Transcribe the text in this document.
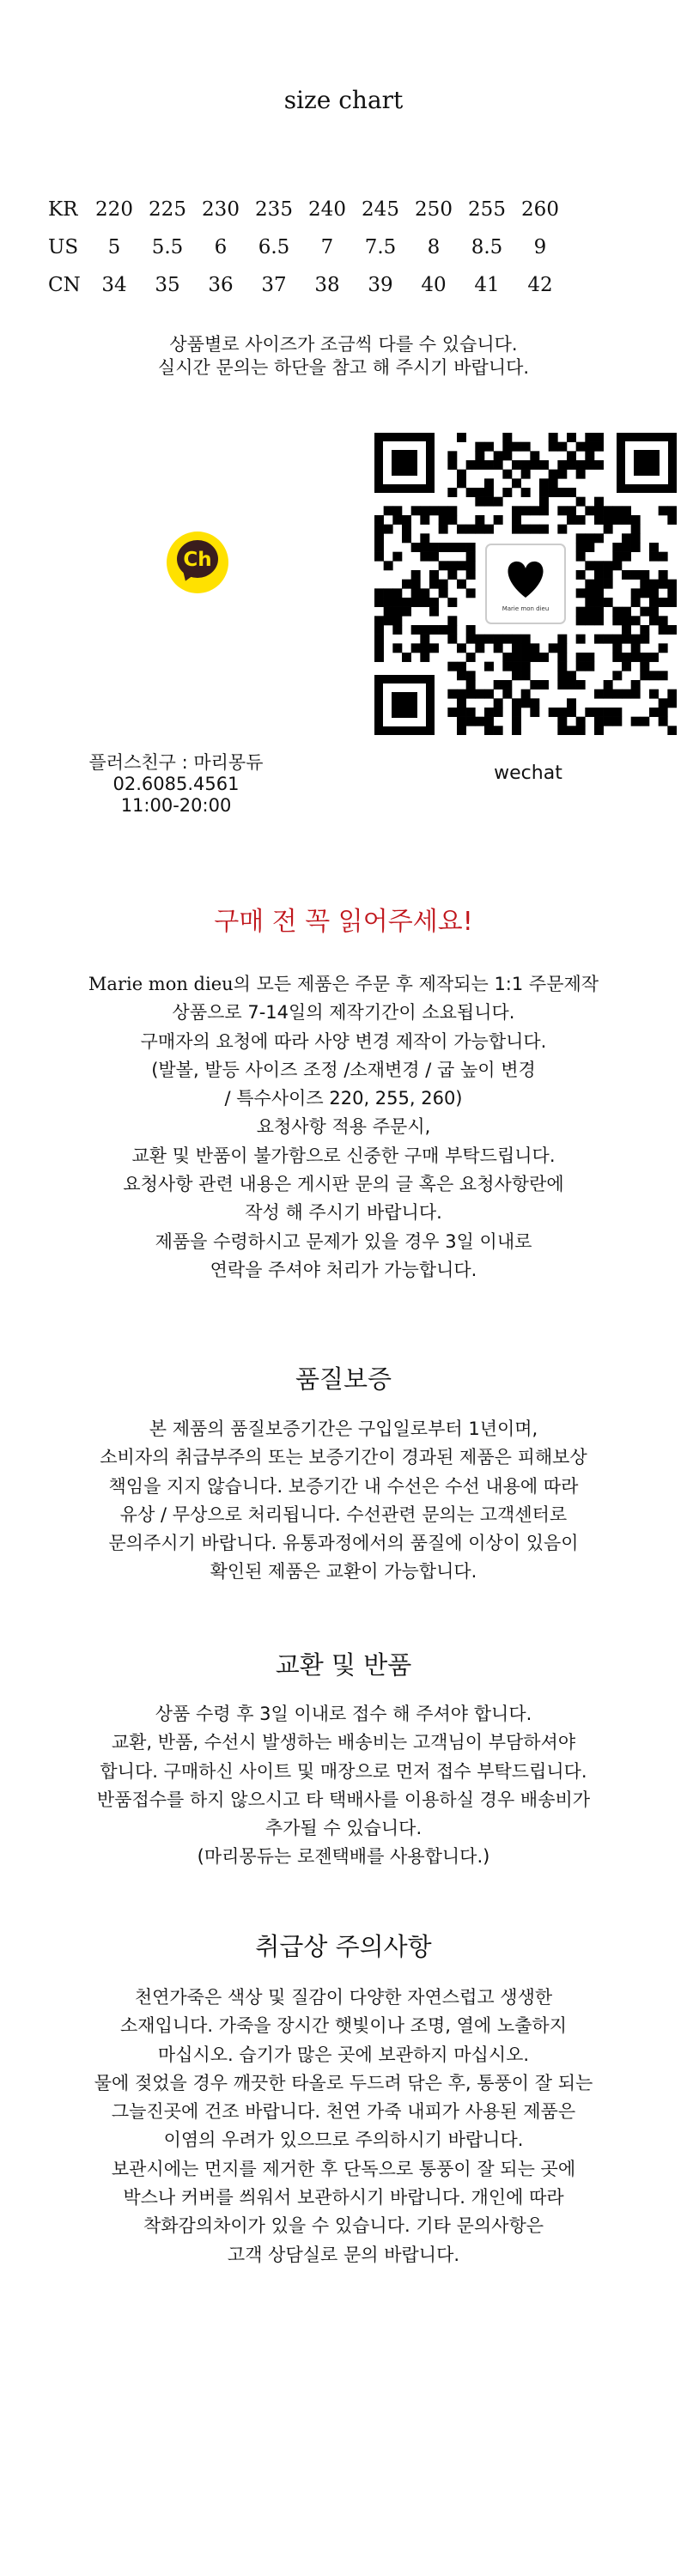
size chart
KR	220	225	230	235	240	245	250	255	260
US	5	5.5	6	6.5	7	7.5	8	8.5	9
CN	34	35	36	37	38	39	40	41	42
상품별로 사이즈가 조금씩 다를 수 있습니다.
실시간 문의는 하단을 참고 해 주시기 바랍니다.
Ch
Marie mon dieu
플러스친구 : 마리몽듀
02.6085.4561
11:00-20:00
wechat
구매 전 꼭 읽어주세요!
Marie mon dieu의 모든 제품은 주문 후 제작되는 1:1 주문제작
상품으로 7-14일의 제작기간이 소요됩니다.
구매자의 요청에 따라 사양 변경 제작이 가능합니다.
(발볼, 발등 사이즈 조정 /소재변경 / 굽 높이 변경
/ 특수사이즈 220, 255, 260)
요청사항 적용 주문시,
교환 및 반품이 불가함으로 신중한 구매 부탁드립니다.
요청사항 관련 내용은 게시판 문의 글 혹은 요청사항란에
작성 해 주시기 바랍니다.
제품을 수령하시고 문제가 있을 경우 3일 이내로
연락을 주셔야 처리가 가능합니다.
품질보증
본 제품의 품질보증기간은 구입일로부터 1년이며,
소비자의 취급부주의 또는 보증기간이 경과된 제품은 피해보상
책임을 지지 않습니다. 보증기간 내 수선은 수선 내용에 따라
유상 / 무상으로 처리됩니다. 수선관련 문의는 고객센터로
문의주시기 바랍니다. 유통과정에서의 품질에 이상이 있음이
확인된 제품은 교환이 가능합니다.
교환 및 반품
상품 수령 후 3일 이내로 접수 해 주셔야 합니다.
교환, 반품, 수선시 발생하는 배송비는 고객님이 부담하셔야
합니다. 구매하신 사이트 및 매장으로 먼저 접수 부탁드립니다.
반품접수를 하지 않으시고 타 택배사를 이용하실 경우 배송비가
추가될 수 있습니다.
(마리몽듀는 로젠택배를 사용합니다.)
취급상 주의사항
천연가죽은 색상 및 질감이 다양한 자연스럽고 생생한
소재입니다. 가죽을 장시간 햇빛이나 조명, 열에 노출하지
마십시오. 습기가 많은 곳에 보관하지 마십시오.
물에 젖었을 경우 깨끗한 타올로 두드려 닦은 후, 통풍이 잘 되는
그늘진곳에 건조 바랍니다. 천연 가죽 내피가 사용된 제품은
이염의 우려가 있으므로 주의하시기 바랍니다.
보관시에는 먼지를 제거한 후 단독으로 통풍이 잘 되는 곳에
박스나 커버를 씌워서 보관하시기 바랍니다. 개인에 따라
착화감의차이가 있을 수 있습니다. 기타 문의사항은
고객 상담실로 문의 바랍니다.
